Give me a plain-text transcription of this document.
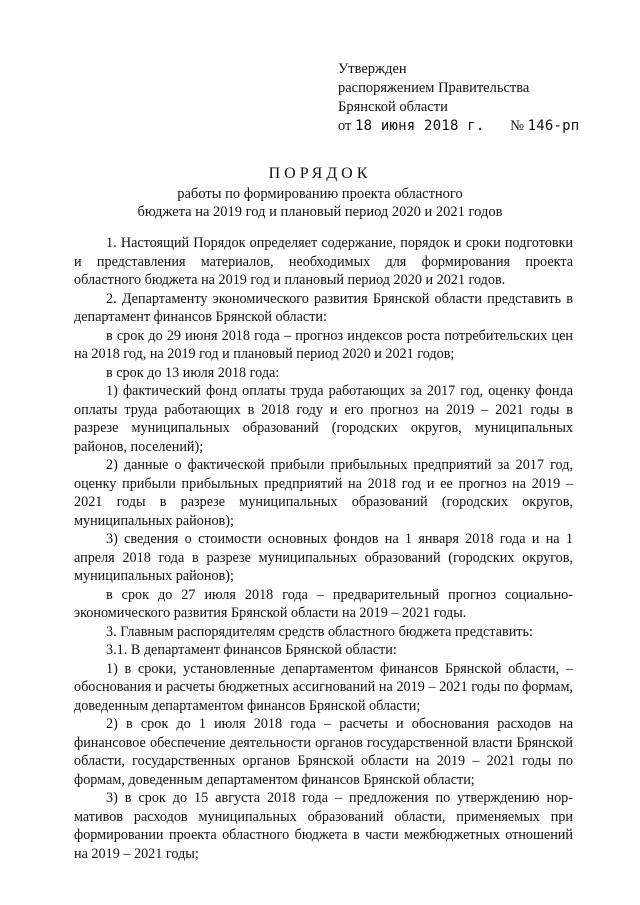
Утвержден
распоряжением Правительства
Брянской области
от 18 июня 2018 г. № 146-рп
ПОРЯДОК
работы по формированию проекта областного
бюджета на 2019 год и плановый период 2020 и 2021 годов

1. Настоящий Порядок определяет содержание, порядок и сроки подготовки и представления материалов, необходимых для формирования проекта областного бюджета на 2019 год и плановый период 2020 и 2021 годов.

2. Департаменту экономического развития Брянской области представить в департамент финансов Брянской области:

в срок до 29 июня 2018 года – прогноз индексов роста потребительских цен на 2018 год, на 2019 год и плановый период 2020 и 2021 годов;

в срок до 13 июля 2018 года:

1) фактический фонд оплаты труда работающих за 2017 год, оценку фонда оплаты труда работающих в 2018 году и его прогноз на 2019 – 2021 годы в разрезе муниципальных образований (городских округов, муниципальных районов, поселений);

2) данные о фактической прибыли прибыльных предприятий за 2017 год, оценку прибыли прибыльных предприятий на 2018 год и ее прогноз на 2019 – 2021 годы в разрезе муниципальных образований (городских округов, муниципальных районов);

3) сведения о стоимости основных фондов на 1 января 2018 года и на 1 апреля 2018 года в разрезе муниципальных образований (городских округов, муниципальных районов);

в срок до 27 июля 2018 года – предварительный прогноз социально-экономического развития Брянской области на 2019 – 2021 годы.

3. Главным распорядителям средств областного бюджета представить:

3.1. В департамент финансов Брянской области:

1) в сроки, установленные департаментом финансов Брянской области, – обоснования и расчеты бюджетных ассигнований на 2019 – 2021 годы по формам, доведенным департаментом финансов Брянской области;

2) в срок до 1 июля 2018 года – расчеты и обоснования расходов на финансовое обеспечение деятельности органов государственной власти Брянской области, государственных органов Брянской области на 2019 – 2021 годы по формам, доведенным департаментом финансов Брянской области;

3) в срок до 15 августа 2018 года – предложения по утверждению нормативов расходов муниципальных образований области, применяемых при формировании проекта областного бюджета в части межбюджетных отношений на 2019 – 2021 годы;
